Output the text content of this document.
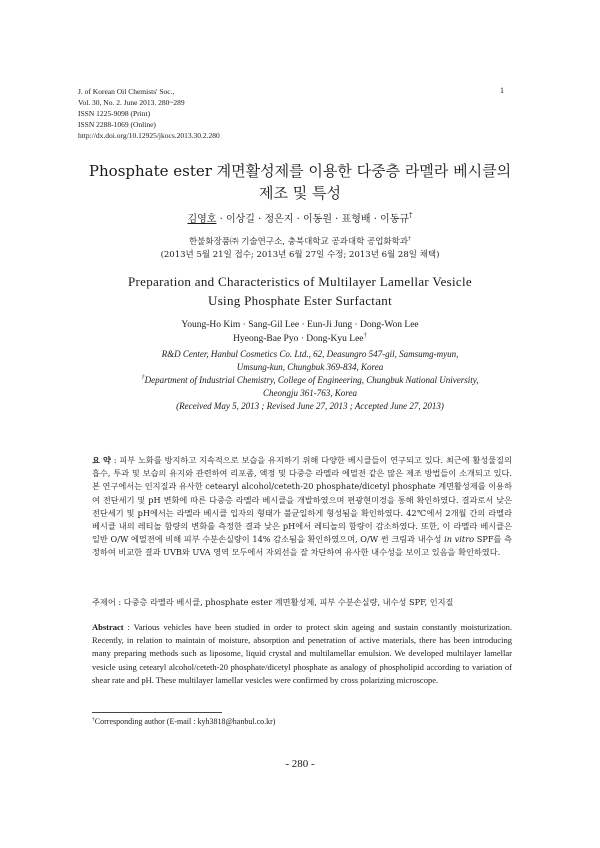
J. of Korean Oil Chemists' Soc.,
Vol. 30, No. 2. June 2013. 280~289
ISSN 1225-9098 (Print)
ISSN 2288-1069 (Online)
http://dx.doi.org/10.12925/jkocs.2013.30.2.280
1
Phosphate ester 계면활성제를 이용한 다중층 라멜라 베시클의
제조 및 특성
김영호 · 이상길 · 정은지 · 이동원 · 표형배 · 이동규†
한불화장품㈜ 기술연구소, 충북대학교 공과대학 공업화학과†
(2013년 5월 21일 접수; 2013년 6월 27일 수정; 2013년 6월 28일 채택)
Preparation and Characteristics of Multilayer Lamellar Vesicle
Using Phosphate Ester Surfactant
Young-Ho Kim · Sang-Gil Lee · Eun-Ji Jung · Dong-Won Lee
Hyeong-Bae Pyo · Dong-Kyu Lee†
R&D Center, Hanbul Cosmetics Co. Ltd., 62, Deasungro 547-gil, Samsumg-myun,
Umsung-kun, Chungbuk 369-834, Korea
†Department of Industrial Chemistry, College of Engineering, Chungbuk National University,
Cheongju 361-763, Korea
(Received May 5, 2013 ; Revised June 27, 2013 ; Accepted June 27, 2013)
요 약 : 피부 노화를 방지하고 지속적으로 보습을 유지하기 위해 다양한 베시클들이 연구되고 있다. 최근에 활성물질의 흡수, 투과 및 보습의 유지와 관련하여 리포좀, 액정 및 다중층 라멜라 에멀젼 같은 많은 제조 방법들이 소개되고 있다. 본 연구에서는 인지질과 유사한 cetearyl alcohol/ceteth-20 phosphate/dicetyl phosphate 계면활성제를 이용하여 전단세기 및 pH 변화에 따른 다중층 라멜라 베시클을 개발하였으며 편광현미경을 통해 확인하였다. 결과로서 낮은 전단세기 및 pH에서는 라멜라 베시클 입자의 형태가 불균일하게 형성됨을 확인하였다. 42℃에서 2개월 간의 라멜라 베시클 내의 레티놀 함량의 변화를 측정한 결과 낮은 pH에서 레티놀의 함량이 감소하였다. 또한, 이 라멜라 베시클은 일반 O/W 에멀젼에 비해 피부 수분손실량이 14% 감소됨을 확인하였으며, O/W 썬 크림과 내수성 in vitro SPF를 측정하여 비교한 결과 UVB와 UVA 영역 모두에서 자외선을 잘 차단하여 유사한 내수성을 보이고 있음을 확인하였다.
주제어 : 다중층 라멜라 베시클, phosphate ester 계면활성제, 피부 수분손실량, 내수성 SPF, 인지질
Abstract : Various vehicles have been studied in order to protect skin ageing and sustain constantly moisturization. Recently, in relation to maintain of moisture, absorption and penetration of active materials, there has been introducing many preparing methods such as liposome, liquid crystal and multilamellar emulsion. We developed multilayer lamellar vesicle using cetearyl alcohol/ceteth-20 phosphate/dicetyl phosphate as analogy of phospholipid according to variation of shear rate and pH. These multilayer lamellar vesicles were confirmed by cross polarizing microscope.
†Corresponding author (E-mail : kyh3818@hanbul.co.kr)
- 280 -
